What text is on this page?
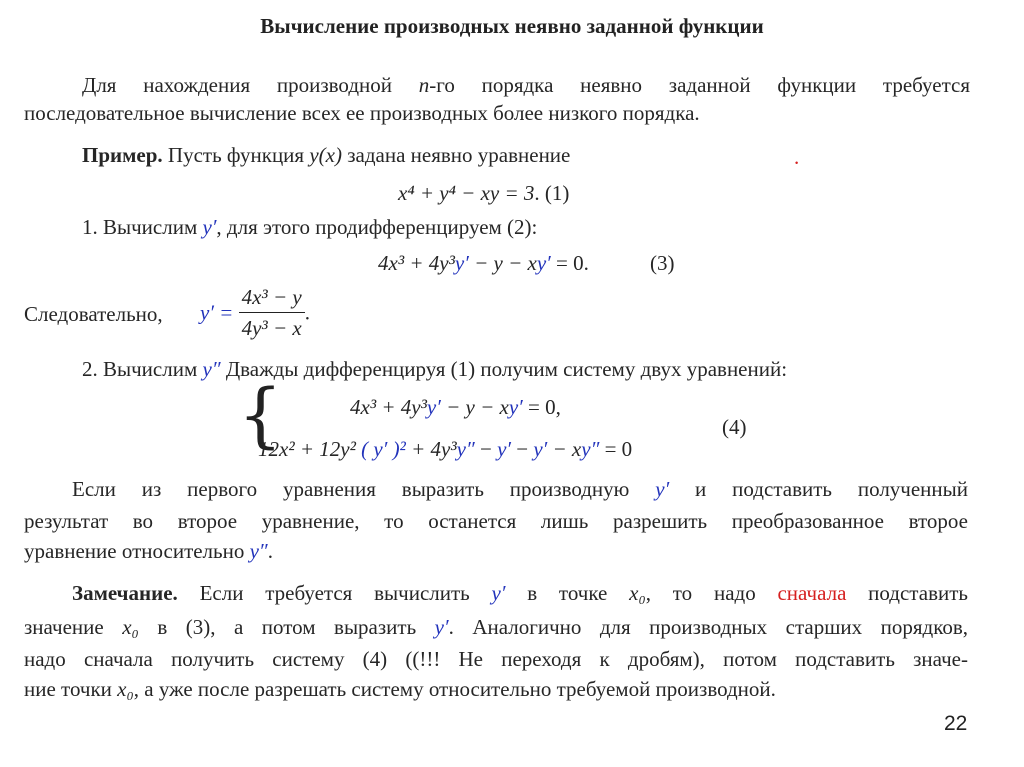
Вычисление производных неявно заданной функции
Для нахождения производной n-го порядка неявно заданной функции требуется
последовательное вычисление всех ее производных более низкого порядка.
Пример. Пусть функция y(x) задана неявно уравнение	.
x⁴ + y⁴ − xy = 3. (1)
1. Вычислим y′, для этого продифференцируем (2):
4x³ + 4y³y′ − y − xy′ = 0.	(3)
Следовательно, $y' = \frac{\text{4x³ − y}}{\text{4y³ − x}}$ .
2. Вычислим y″ Дважды дифференцируя (1) получим систему двух уравнений:
{	4x³ + 4y³y′ − y − xy′ = 0,
12x² + 12y² ( y′ )² + 4y³y″ − y′ − y′ − xy″ = 0
(4)
Если из первого уравнения выразить производную y′ и подставить полученный
результат во второе уравнение, то останется лишь разрешить преобразованное второе
уравнение относительно y″.
Замечание. Если требуется вычислить y′ в точке x₀, то надо сначала подставить
значение x₀ в (3), а потом выразить y′. Аналогично для производных старших порядков,
надо сначала получить систему (4) ((!!! Не переходя к дробям), потом подставить значе-
ние точки x₀, а уже после разрешать систему относительно требуемой производной.
22
